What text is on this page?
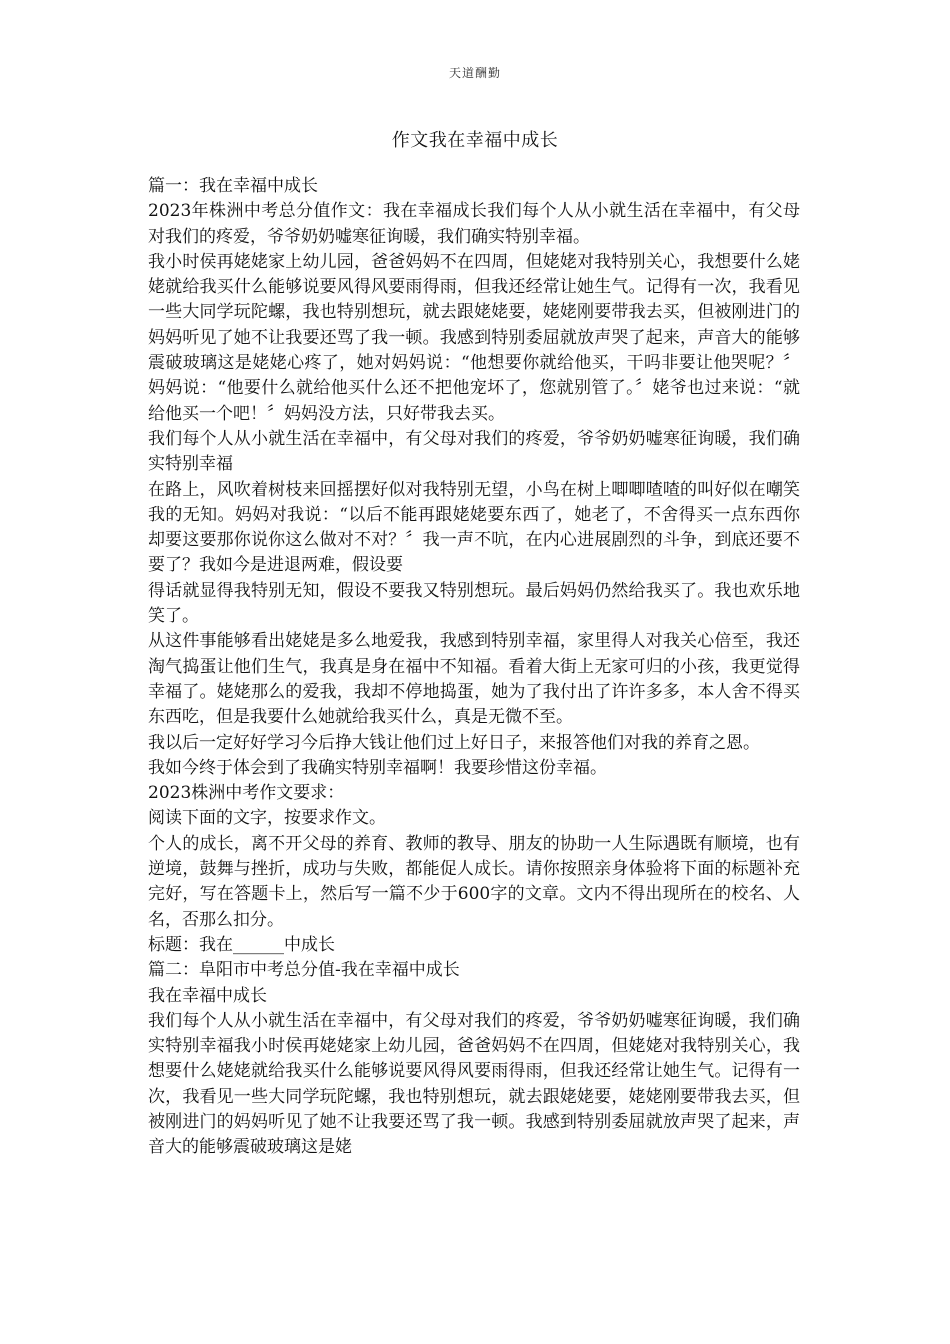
天道酬勤
作文我在幸福中成长

篇一：我在幸福中成长

2023年株洲中考总分值作文：我在幸福成长我们每个人从小就生活在幸福中，有父母对我们的疼爱，爷爷奶奶嘘寒征询暖，我们确实特别幸福。

我小时侯再姥姥家上幼儿园，爸爸妈妈不在四周，但姥姥对我特别关心，我想要什么姥姥就给我买什么能够说要风得风要雨得雨，但我还经常让她生气。记得有一次，我看见一些大同学玩陀螺，我也特别想玩，就去跟姥姥要，姥姥刚要带我去买，但被刚进门的妈妈听见了她不让我要还骂了我一顿。我感到特别委屈就放声哭了起来，声音大的能够震破玻璃这是姥姥心疼了，她对妈妈说：“他想要你就给他买，干吗非要让他哭呢？〞妈妈说：“他要什么就给他买什么还不把他宠坏了，您就别管了。〞姥爷也过来说：“就给他买一个吧！〞妈妈没方法，只好带我去买。

我们每个人从小就生活在幸福中，有父母对我们的疼爱，爷爷奶奶嘘寒征询暖，我们确实特别幸福

在路上，风吹着树枝来回摇摆好似对我特别无望，小鸟在树上唧唧喳喳的叫好似在嘲笑我的无知。妈妈对我说：“以后不能再跟姥姥要东西了，她老了，不舍得买一点东西你却要这要那你说你这么做对不对？〞我一声不吭，在内心进展剧烈的斗争，到底还要不要了？我如今是进退两难，假设要

得话就显得我特别无知，假设不要我又特别想玩。最后妈妈仍然给我买了。我也欢乐地笑了。

从这件事能够看出姥姥是多么地爱我，我感到特别幸福，家里得人对我关心倍至，我还淘气捣蛋让他们生气，我真是身在福中不知福。看着大街上无家可归的小孩，我更觉得幸福了。姥姥那么的爱我，我却不停地捣蛋，她为了我付出了许许多多，本人舍不得买东西吃，但是我要什么她就给我买什么，真是无微不至。

我以后一定好好学习今后挣大钱让他们过上好日子，来报答他们对我的养育之恩。

我如今终于体会到了我确实特别幸福啊！我要珍惜这份幸福。

2023株洲中考作文要求：

阅读下面的文字，按要求作文。

个人的成长，离不开父母的养育、教师的教导、朋友的协助一人生际遇既有顺境，也有逆境，鼓舞与挫折，成功与失败，都能促人成长。请你按照亲身体验将下面的标题补充完好，写在答题卡上，然后写一篇不少于600字的文章。文内不得出现所在的校名、人名，否那么扣分。

标题：我在______中成长

篇二：阜阳市中考总分值-我在幸福中成长

我在幸福中成长

我们每个人从小就生活在幸福中，有父母对我们的疼爱，爷爷奶奶嘘寒征询暖，我们确实特别幸福我小时侯再姥姥家上幼儿园，爸爸妈妈不在四周，但姥姥对我特别关心，我想要什么姥姥就给我买什么能够说要风得风要雨得雨，但我还经常让她生气。记得有一次，我看见一些大同学玩陀螺，我也特别想玩，就去跟姥姥要，姥姥刚要带我去买，但被刚进门的妈妈听见了她不让我要还骂了我一顿。我感到特别委屈就放声哭了起来，声音大的能够震破玻璃这是姥
